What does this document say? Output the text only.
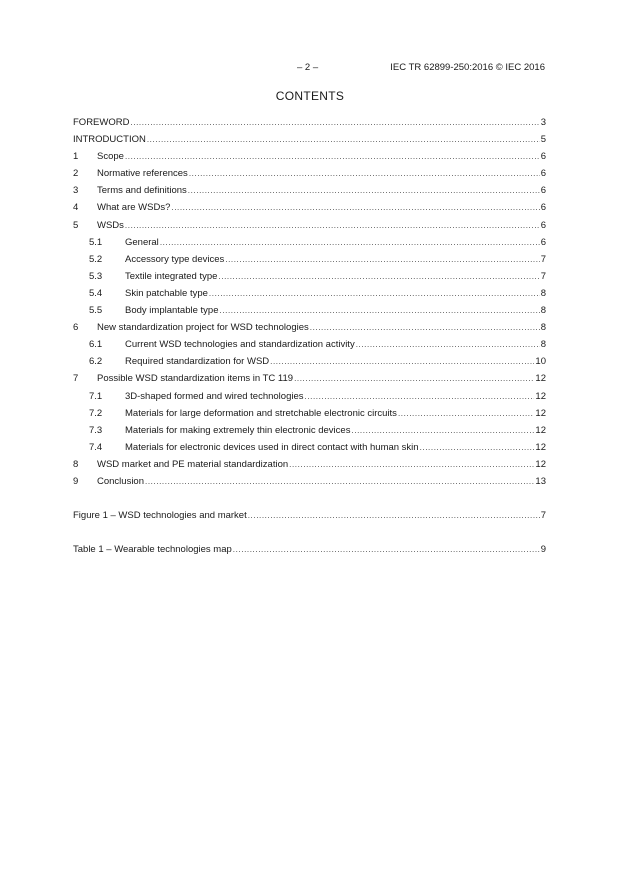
– 2 –	IEC TR 62899-250:2016 © IEC 2016
CONTENTS
FOREWORD .....	3
INTRODUCTION .....	5
1	Scope .....	6
2	Normative references .....	6
3	Terms and definitions .....	6
4	What are WSDs? .....	6
5	WSDs .....	6
5.1	General .....	6
5.2	Accessory type devices .....	7
5.3	Textile integrated type .....	7
5.4	Skin patchable type .....	8
5.5	Body implantable type .....	8
6	New standardization project for WSD technologies .....	8
6.1	Current WSD technologies and standardization activity .....	8
6.2	Required standardization for WSD .....	10
7	Possible WSD standardization items in TC 119 .....	12
7.1	3D-shaped formed and wired technologies .....	12
7.2	Materials for large deformation and stretchable electronic circuits .....	12
7.3	Materials for making extremely thin electronic devices .....	12
7.4	Materials for electronic devices used in direct contact with human skin .....	12
8	WSD market and PE material standardization .....	12
9	Conclusion .....	13
Figure 1 – WSD technologies and market .....	7
Table 1 – Wearable technologies map .....	9
